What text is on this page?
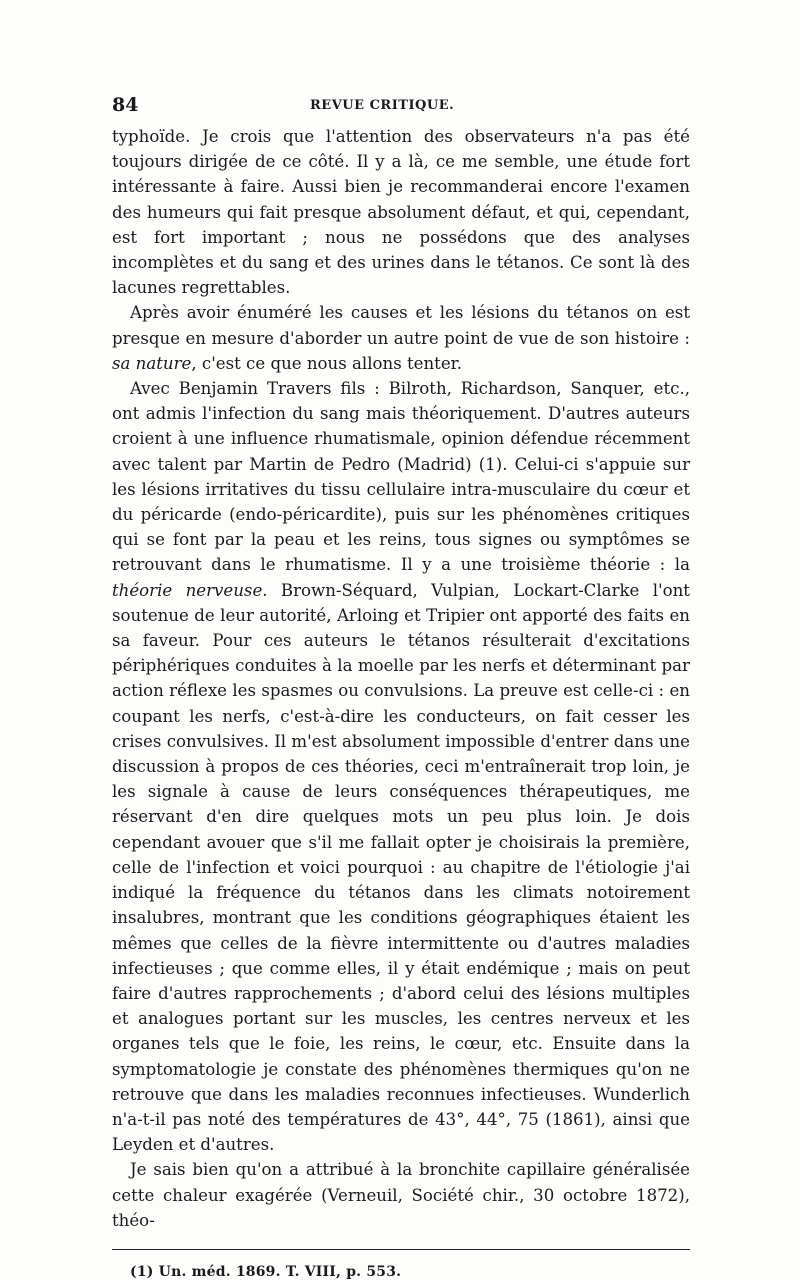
84	REVUE CRITIQUE.

typhoïde. Je crois que l'attention des observateurs n'a pas été toujours dirigée de ce côté. Il y a là, ce me semble, une étude fort intéressante à faire. Aussi bien je recommanderai encore l'examen des humeurs qui fait presque absolument défaut, et qui, cependant, est fort important ; nous ne possédons que des analyses incomplètes et du sang et des urines dans le tétanos. Ce sont là des lacunes regrettables.

Après avoir énuméré les causes et les lésions du tétanos on est presque en mesure d'aborder un autre point de vue de son histoire : sa nature, c'est ce que nous allons tenter.

Avec Benjamin Travers fils : Bilroth, Richardson, Sanquer, etc., ont admis l'infection du sang mais théoriquement. D'autres auteurs croient à une influence rhumatismale, opinion défendue récemment avec talent par Martin de Pedro (Madrid) (1). Celui-ci s'appuie sur les lésions irritatives du tissu cellulaire intra-musculaire du cœur et du péricarde (endo-péricardite), puis sur les phénomènes critiques qui se font par la peau et les reins, tous signes ou symptômes se retrouvant dans le rhumatisme. Il y a une troisième théorie : la théorie nerveuse. Brown-Séquard, Vulpian, Lockart-Clarke l'ont soutenue de leur autorité, Arloing et Tripier ont apporté des faits en sa faveur. Pour ces auteurs le tétanos résulterait d'excitations périphériques conduites à la moelle par les nerfs et déterminant par action réflexe les spasmes ou convulsions. La preuve est celle-ci : en coupant les nerfs, c'est-à-dire les conducteurs, on fait cesser les crises convulsives. Il m'est absolument impossible d'entrer dans une discussion à propos de ces théories, ceci m'entraînerait trop loin, je les signale à cause de leurs conséquences thérapeutiques, me réservant d'en dire quelques mots un peu plus loin. Je dois cependant avouer que s'il me fallait opter je choisirais la première, celle de l'infection et voici pourquoi : au chapitre de l'étiologie j'ai indiqué la fréquence du tétanos dans les climats notoirement insalubres, montrant que les conditions géographiques étaient les mêmes que celles de la fièvre intermittente ou d'autres maladies infectieuses ; que comme elles, il y était endémique ; mais on peut faire d'autres rapprochements ; d'abord celui des lésions multiples et analogues portant sur les muscles, les centres nerveux et les organes tels que le foie, les reins, le cœur, etc. Ensuite dans la symptomatologie je constate des phénomènes thermiques qu'on ne retrouve que dans les maladies reconnues infectieuses. Wunderlich n'a-t-il pas noté des températures de 43°, 44°, 75 (1861), ainsi que Leyden et d'autres.

Je sais bien qu'on a attribué à la bronchite capillaire généralisée cette chaleur exagérée (Verneuil, Société chir., 30 octobre 1872), théo-

(1) Un. méd. 1869. T. VIII, p. 553.
